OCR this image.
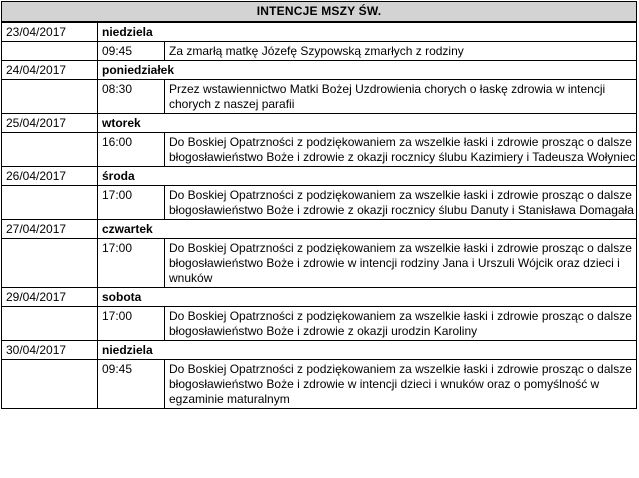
INTENCJE MSZY ŚW.		
23/04/2017	niedziela	
	09:45	Za zmarłą matkę Józefę Szypowską zmarłych z rodziny
24/04/2017	poniedziałek	
	08:30	Przez wstawiennictwo Matki Bożej Uzdrowienia chorych o łaskę zdrowia w intencji chorych z naszej parafii
25/04/2017	wtorek	
	16:00	Do Boskiej Opatrzności z podziękowaniem za wszelkie łaski i zdrowie prosząc o dalsze błogosławieństwo Boże i zdrowie z okazji rocznicy ślubu Kazimiery i Tadeusza Wołyniec
26/04/2017	środa	
	17:00	Do Boskiej Opatrzności z podziękowaniem za wszelkie łaski i zdrowie prosząc o dalsze błogosławieństwo Boże i zdrowie z okazji rocznicy ślubu Danuty i Stanisława Domagała
27/04/2017	czwartek	
	17:00	Do Boskiej Opatrzności z podziękowaniem za wszelkie łaski i zdrowie prosząc o dalsze błogosławieństwo Boże i zdrowie w intencji rodziny Jana i Urszuli Wójcik oraz dzieci i wnuków
29/04/2017	sobota	
	17:00	Do Boskiej Opatrzności z podziękowaniem za wszelkie łaski i zdrowie prosząc o dalsze błogosławieństwo Boże i zdrowie z okazji urodzin Karoliny
30/04/2017	niedziela	
	09:45	Do Boskiej Opatrzności z podziękowaniem za wszelkie łaski i zdrowie prosząc o dalsze błogosławieństwo Boże i zdrowie w intencji dzieci i wnuków oraz o pomyślność w egzaminie maturalnym
